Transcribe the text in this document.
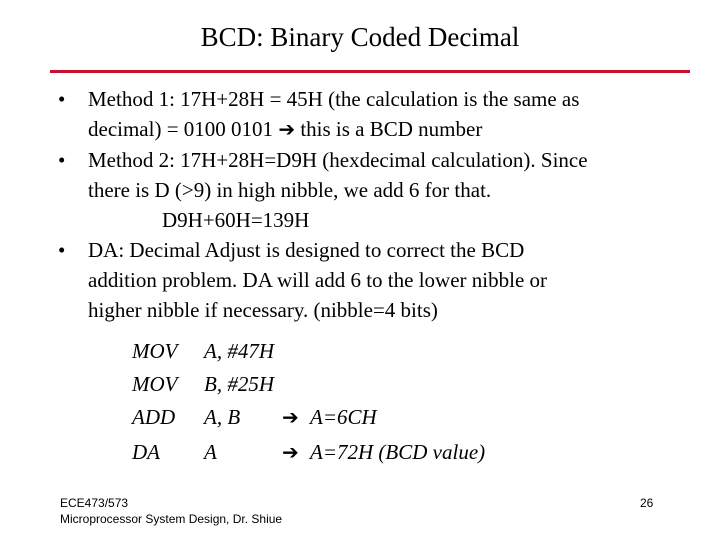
BCD: Binary Coded Decimal
• Method 1: 17H+28H = 45H (the calculation is the same as
decimal) = 0100 0101 ➔ this is a BCD number
• Method 2: 17H+28H=D9H (hexdecimal calculation). Since
there is D (>9) in high nibble, we add 6 for that.
D9H+60H=139H
• DA: Decimal Adjust is designed to correct the BCD
addition problem. DA will add 6 to the lower nibble or
higher nibble if necessary. (nibble=4 bits)
MOV A, #47H
MOV B, #25H
ADD A, B ➔ A=6CH
DA A	➔ A=72H (BCD value)
ECE473/573
Microprocessor System Design, Dr. Shiue
26
